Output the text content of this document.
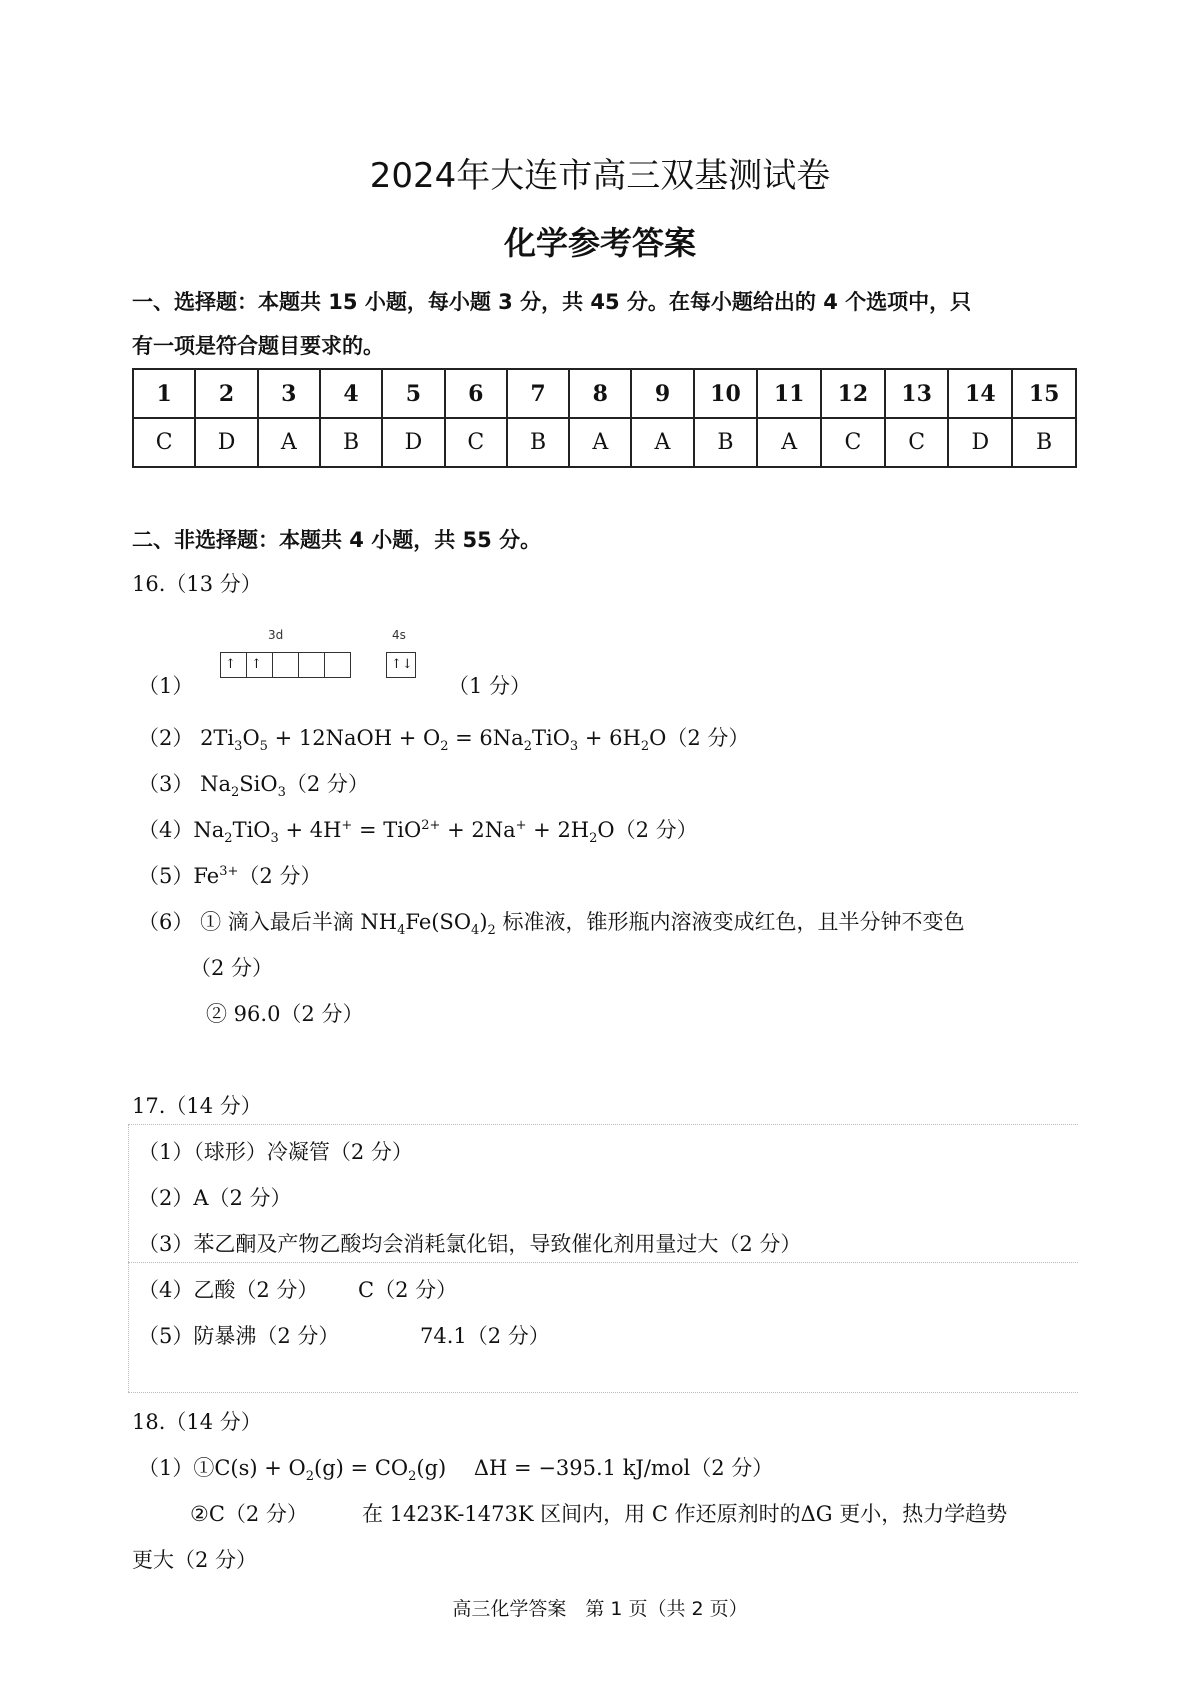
2024年大连市高三双基测试卷
化学参考答案
一、选择题：本题共 15 小题，每小题 3 分，共 45 分。在每小题给出的 4 个选项中，只
有一项是符合题目要求的。
1	2	3	4	5	6	7	8	9	10	11	12	13	14	15
C	D	A	B	D	C	B	A	A	B	A	C	C	D	B
二、非选择题：本题共 4 小题，共 55 分。
16.（13 分）
（1）
3d	4s
↑	↑	↑↓
（1 分）
（2） $2Ti_3O_5$ + 12NaOH + $O_2 = 6Na_2TiO_3 + 6H_2O(2$ 分）
（3） $Na_2SiO_3(2$ 分）
$(4)Na_2TiO_3 + 4H^+ = TiO^{2+} + 2Na^+ + 2H_2O(2$ 分）
$(5)Fe^{3+}(2$ 分）
（6） ① 滴入最后半滴 $NH_4Fe(SO_4)_2$ 标准液，锥形瓶内溶液变成红色，且半分钟不变色
（2 分）
② 96.0（2 分）
17.（14 分）
（1）（球形）冷凝管（2 分）
（2）A（2 分）
（3）苯乙酮及产物乙酸均会消耗氯化铝，导致催化剂用量过大（2 分）
（4）乙酸（2 分） C（2 分）
（5）防暴沸（2 分）	74.1（2 分）
18.（14 分）
（1）①C(s) + $O_2(g) = CO_2(g)$　 ΔH = −395.1 kJ/mol（2 分）
②C（2 分）	在 1423K-1473K 区间内，用 C 作还原剂时的ΔG 更小，热力学趋势
更大（2 分）
高三化学答案　第 1 页（共 2 页）
